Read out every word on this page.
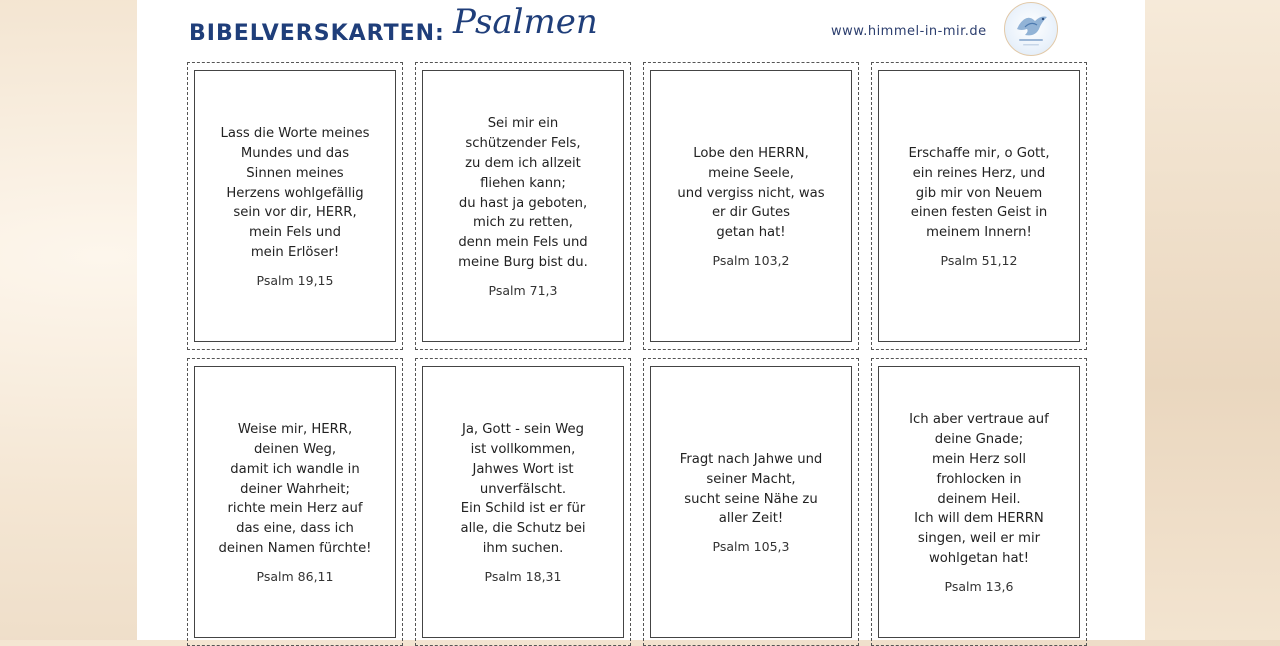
BIBELVERSKARTEN: Psalmen	www.himmel-in-mir.de
Lass die Worte meines
Mundes und das
Sinnen meines
Herzens wohlgefällig
sein vor dir, HERR,
mein Fels und
mein Erlöser!
Psalm 19,15
Sei mir ein
schützender Fels,
zu dem ich allzeit
fliehen kann;
du hast ja geboten,
mich zu retten,
denn mein Fels und
meine Burg bist du.
Psalm 71,3
Lobe den HERRN,
meine Seele,
und vergiss nicht, was
er dir Gutes
getan hat!
Psalm 103,2
Erschaffe mir, o Gott,
ein reines Herz, und
gib mir von Neuem
einen festen Geist in
meinem Innern!
Psalm 51,12
Weise mir, HERR,
deinen Weg,
damit ich wandle in
deiner Wahrheit;
richte mein Herz auf
das eine, dass ich
deinen Namen fürchte!
Psalm 86,11
Ja, Gott - sein Weg
ist vollkommen,
Jahwes Wort ist
unverfälscht.
Ein Schild ist er für
alle, die Schutz bei
ihm suchen.
Psalm 18,31
Fragt nach Jahwe und
seiner Macht,
sucht seine Nähe zu
aller Zeit!
Psalm 105,3
Ich aber vertraue auf
deine Gnade;
mein Herz soll
frohlocken in
deinem Heil.
Ich will dem HERRN
singen, weil er mir
wohlgetan hat!
Psalm 13,6
